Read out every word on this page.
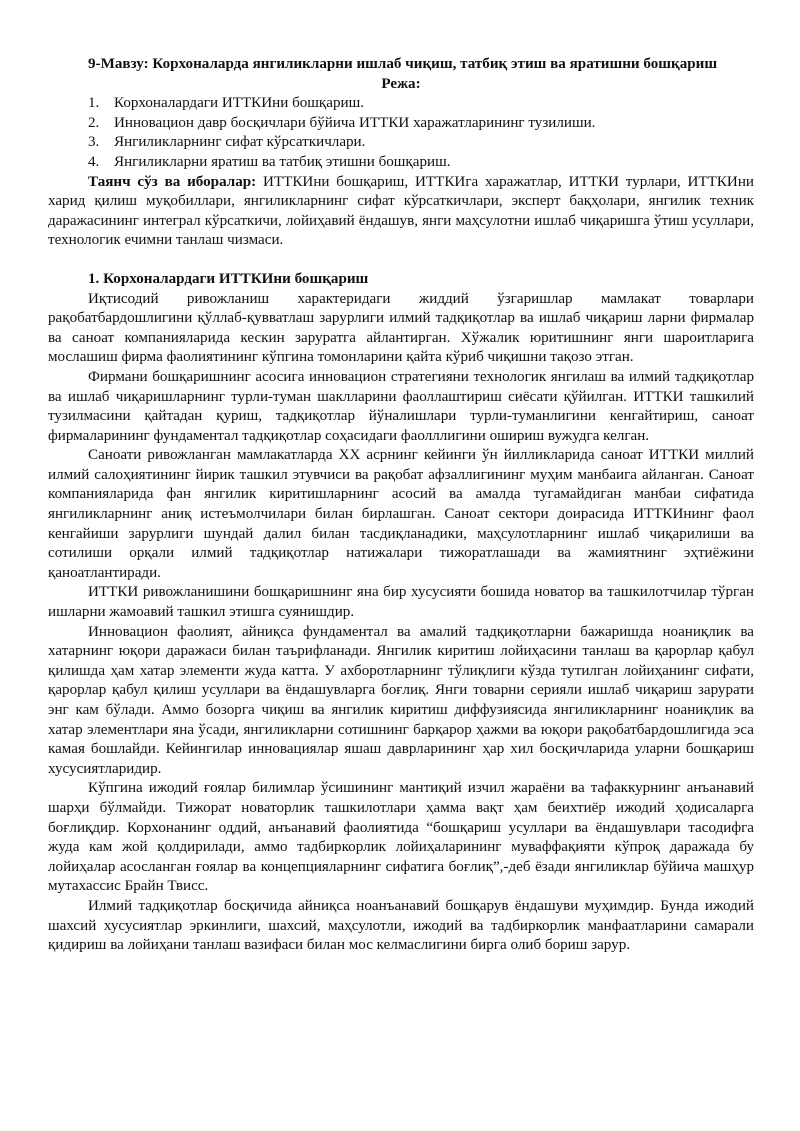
9-Мавзу: Корхоналарда янгиликларни ишлаб чиқиш, татбиқ этиш ва яратишни бошқариш
Режа:
1. Корхоналардаги ИТТКИни бошқариш.
2. Инновацион давр босқичлари бўйича ИТТКИ харажатларининг тузилиши.
3. Янгиликларнинг сифат кўрсаткичлари.
4. Янгиликларни яратиш ва татбиқ этишни бошқариш.

Таянч сўз ва иборалар: ИТТКИни бошқариш, ИТТКИга харажатлар, ИТТКИ турлари, ИТТКИни харид қилиш муқобиллари, янгиликларнинг сифат кўрсаткичлари, эксперт бақҳолари, янгилик техник даражасининг интеграл кўрсаткичи, лойиҳавий ёндашув, янги маҳсулотни ишлаб чиқаришга ўтиш усуллари, технологик ечимни танлаш чизмаси.

1. Корхоналардаги ИТТКИни бошқариш

Иқтисодий ривожланиш характеридаги жиддий ўзгаришлар мамлакат товарлари рақобатбардошлигини қўллаб-қувватлаш зарурлиги илмий тадқиқотлар ва ишлаб чиқариш ларни фирмалар ва саноат компанияларида кескин заруратга айлантирган. Хўжалик юритишнинг янги шароитларига мослашиш фирма фаолиятининг кўпгина томонларини қайта кўриб чиқишни тақозо этган.

Фирмани бошқаришнинг асосига инновацион стратегияни технологик янгилаш ва илмий тадқиқотлар ва ишлаб чиқаришларнинг турли-туман шаклларини фаоллаштириш сиёсати қўйилган. ИТТКИ ташкилий тузилмасини қайтадан қуриш, тадқиқотлар йўналишлари турли-туманлигини кенгайтириш, саноат фирмаларининг фундаментал тадқиқотлар соҳасидаги фаолллигини ошириш вужудга келган.

Саноати ривожланган мамлакатларда XX асрнинг кейинги ўн йилликларида саноат ИТТКИ миллий илмий салоҳиятининг йирик ташкил этувчиси ва рақобат афзаллигининг муҳим манбаига айланган. Саноат компанияларида фан янгилик киритишларнинг асосий ва амалда тугамайдиган манбаи сифатида янгиликларнинг аниқ истеъмолчилари билан бирлашган. Саноат сектори доирасида ИТТКИнинг фаол кенгайиши зарурлиги шундай далил билан тасдиқланадики, маҳсулотларнинг ишлаб чиқарилиши ва сотилиши орқали илмий тадқиқотлар натижалари тижоратлашади ва жамиятнинг эҳтиёжини қаноатлантиради.

ИТТКИ ривожланишини бошқаришнинг яна бир хусусияти бошида новатор ва ташкилотчилар тўрган ишларни жамоавий ташкил этишга суянишдир.

Инновацион фаолият, айниқса фундаментал ва амалий тадқиқотларни бажаришда ноаниқлик ва хатарнинг юқори даражаси билан таърифланади. Янгилик киритиш лойиҳасини танлаш ва қарорлар қабул қилишда ҳам хатар элементи жуда катта. У ахборотларнинг тўлиқлиги кўзда тутилган лойиҳанинг сифати, қарорлар қабул қилиш усуллари ва ёндашувларга боғлиқ. Янги товарни серияли ишлаб чиқариш зарурати энг кам бўлади. Аммо бозорга чиқиш ва янгилик киритиш диффузиясида янгиликларнинг ноаниқлик ва хатар элементлари яна ўсади, янгиликларни сотишнинг барқарор ҳажми ва юқори рақобатбардошлигида эса камая бошлайди. Кейингилар инновациялар яшаш даврларининг ҳар хил босқичларида уларни бошқариш хусусиятларидир.

Кўпгина ижодий ғоялар билимлар ўсишининг мантиқий изчил жараёни ва тафаккурнинг анъанавий шарҳи бўлмайди. Тижорат новаторлик ташкилотлари ҳамма вақт ҳам беихтиёр ижодий ҳодисаларга боғлиқдир. Корхонанинг оддий, анъанавий фаолиятида “бошқариш усуллари ва ёндашувлари тасодифга жуда кам жой қолдирилади, аммо тадбиркорлик лойиҳаларининг муваффақияти кўпроқ даражада бу лойиҳалар асосланган ғоялар ва концепцияларнинг сифатига боғлиқ”,-деб ёзади янгиликлар бўйича машҳур мутахассис Брайн Твисс.

Илмий тадқиқотлар босқичида айниқса ноанъанавий бошқарув ёндашуви муҳимдир. Бунда ижодий шахсий хусусиятлар эркинлиги, шахсий, маҳсулотли, ижодий ва тадбиркорлик манфаатларини самарали қидириш ва лойиҳани танлаш вазифаси билан мос келмаслигини бирга олиб бориш зарур.
